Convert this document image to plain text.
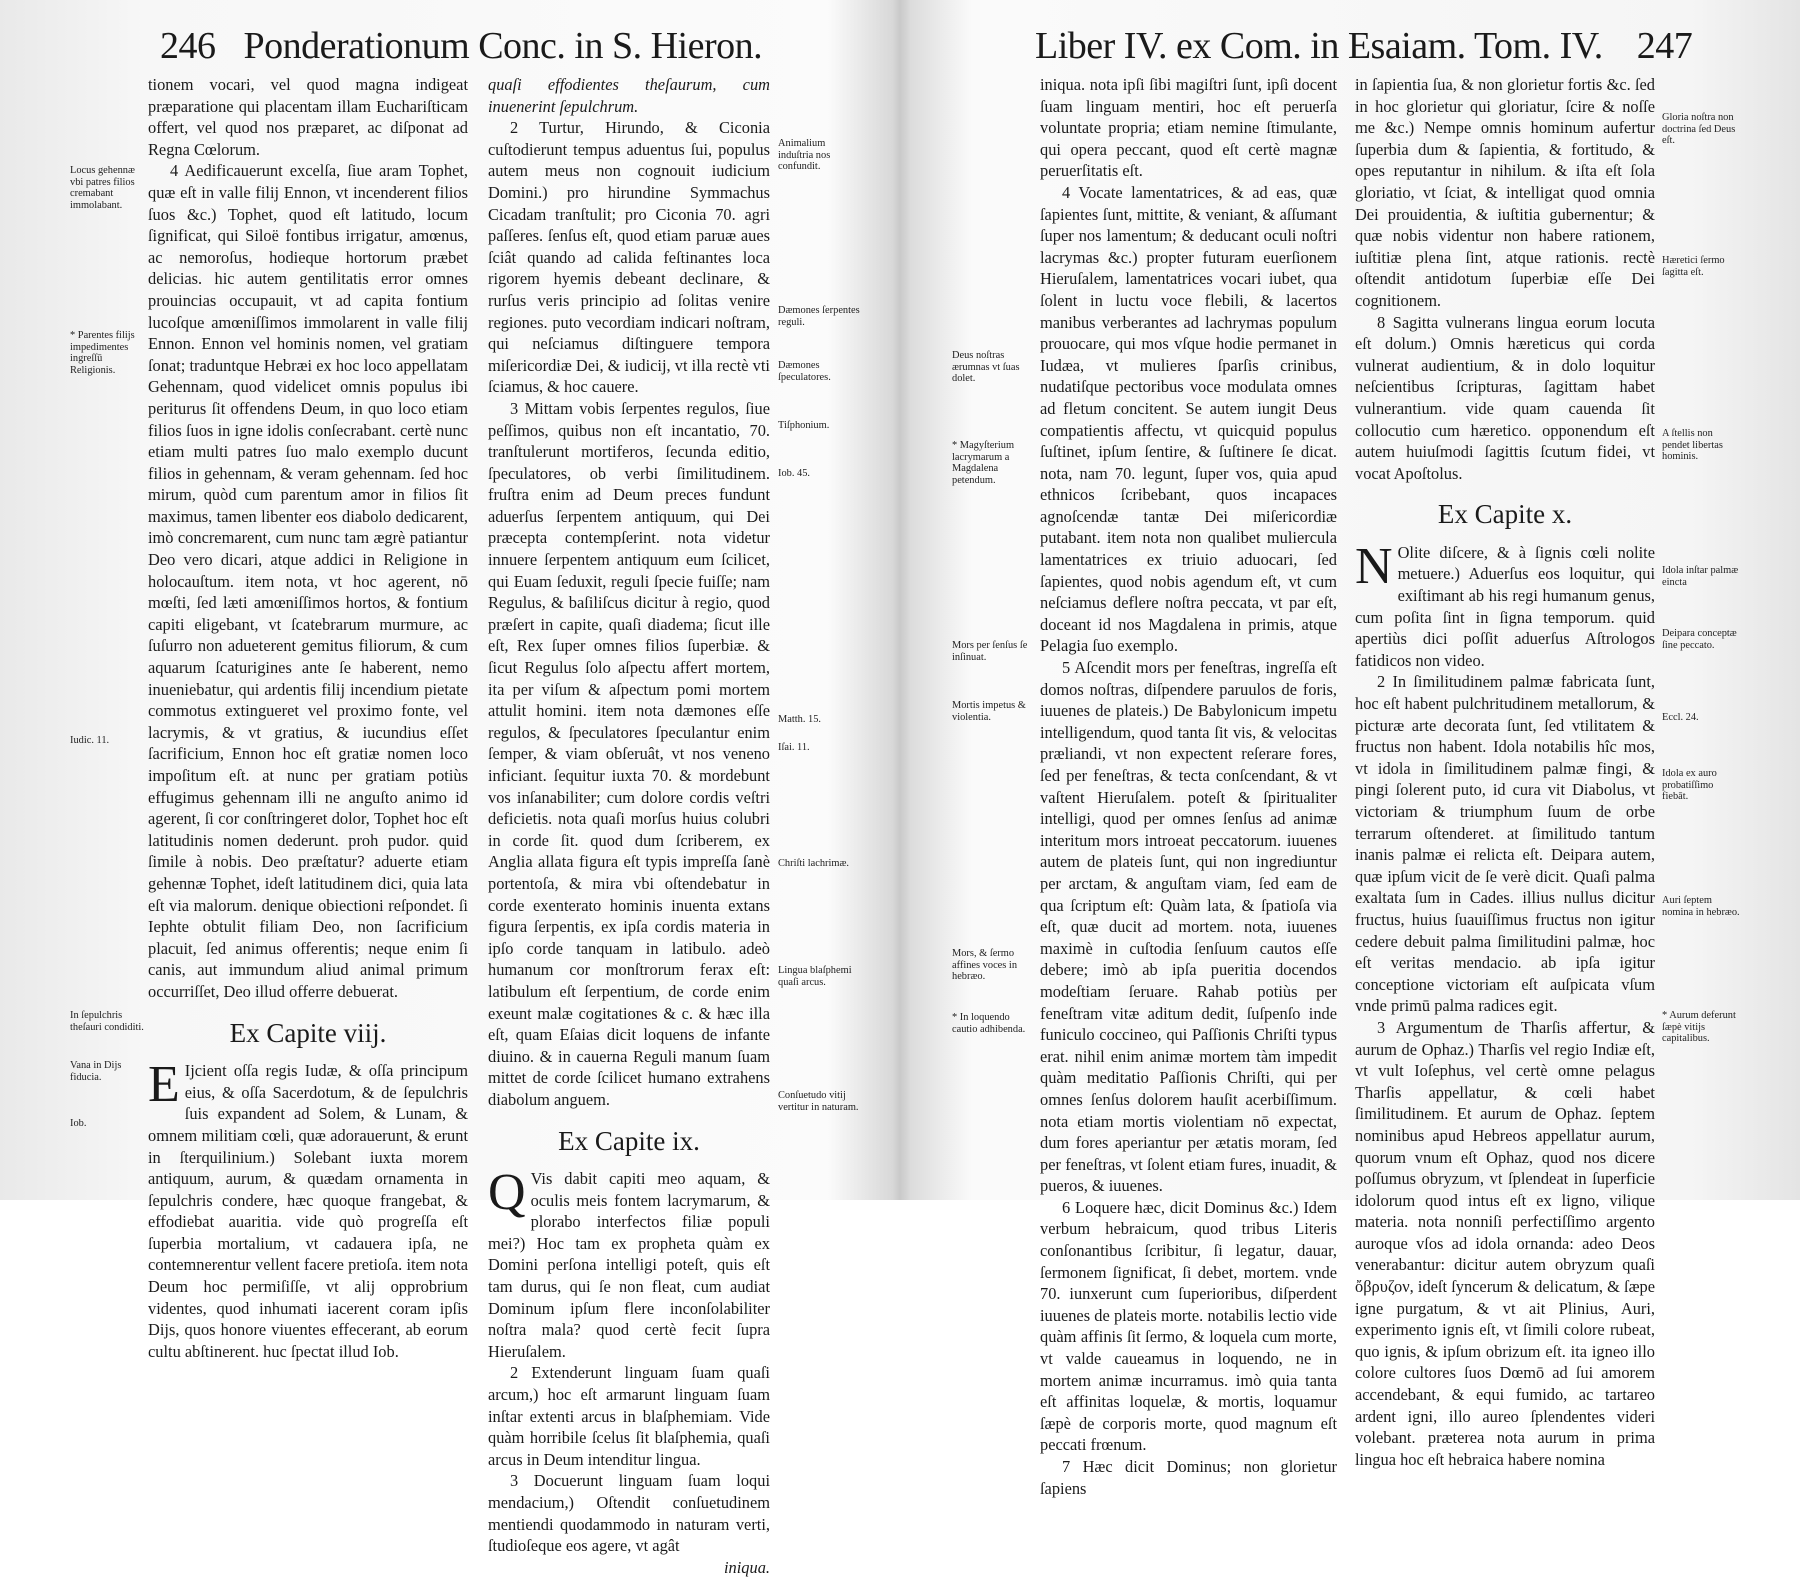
246 Ponderationum Conc. in S. Hieron.

tionem vocari, vel quod magna indigeat præparatione qui placentam illam Euchariſticam offert, vel quod nos præparet, ac diſponat ad Regna Cœlorum.

4 Aedificauerunt excelſa, ſiue aram Tophet, quæ eſt in valle filij Ennon, vt incenderent filios ſuos &c.) Tophet, quod eſt latitudo, locum ſignificat, qui Siloë fontibus irrigatur, amœnus, ac nemoroſus, hodieque hortorum præbet delicias. hic autem gentilitatis error omnes prouincias occupauit, vt ad capita fontium lucoſque amœniſſimos immolarent in valle filij Ennon. Ennon vel hominis nomen, vel gratiam ſonat; traduntque Hebræi ex hoc loco appellatam Gehennam, quod videlicet omnis populus ibi periturus ſit offendens Deum, in quo loco etiam filios ſuos in igne idolis conſecrabant. certè nunc etiam multi patres ſuo malo exemplo ducunt filios in gehennam, & veram gehennam. ſed hoc mirum, quòd cum parentum amor in filios ſit maximus, tamen libenter eos diabolo dedicarent, imò concremarent, cum nunc tam ægrè patiantur Deo vero dicari, atque addici in Religione in holocauſtum. item nota, vt hoc agerent, nō mœſti, ſed læti amœniſſimos hortos, & fontium capiti eligebant, vt ſcatebrarum murmure, ac ſuſurro non adueterent gemitus filiorum, & cum aquarum ſcaturigines ante ſe haberent, nemo inueniebatur, qui ardentis filij incendium pietate commotus extingueret vel proximo fonte, vel lacrymis, & vt gratius, & iucundius eſſet ſacrificium, Ennon hoc eſt gratiæ nomen loco impoſitum eſt. at nunc per gratiam potiùs effugimus gehennam illi ne anguſto animo id agerent, ſi cor conſtringeret dolor, Tophet hoc eſt latitudinis nomen dederunt. proh pudor. quid ſimile à nobis. Deo præſtatur? aduerte etiam gehennæ Tophet, ideſt latitudinem dici, quia lata eſt via malorum. denique obiectioni reſpondet. ſi Iephte obtulit filiam Deo, non ſacrificium placuit, ſed animus offerentis; neque enim ſi canis, aut immundum aliud animal primum occurriſſet, Deo illud offerre debuerat.

Ex Capite viij.

E Ijcient oſſa regis Iudæ, & oſſa principum eius, & oſſa Sacerdotum, & de ſepulchris ſuis expandent ad Solem, & Lunam, & omnem militiam cœli, quæ adorauerunt, & erunt in ſterquilinium.) Solebant iuxta morem antiquum, aurum, & quædam ornamenta in ſepulchris condere, hæc quoque frangebat, & effodiebat auaritia. vide quò progreſſa eſt ſuperbia mortalium, vt cadauera ipſa, ne contemnerentur vellent facere pretioſa. item nota Deum hoc permiſiſſe, vt alij opprobrium videntes, quod inhumati iacerent coram ipſis Dijs, quos honore viuentes effecerant, ab eorum cultu abſtinerent. huc ſpectat illud Iob.

quaſi effodientes theſaurum, cum inuenerint ſepulchrum.

2 Turtur, Hirundo, & Ciconia cuſtodierunt tempus aduentus ſui, populus autem meus non cognouit iudicium Domini.) pro hirundine Symmachus Cicadam tranſtulit; pro Ciconia 70. agri paſſeres. ſenſus eſt, quod etiam paruæ aues ſciât quando ad calida feſtinantes loca rigorem hyemis debeant declinare, & rurſus veris principio ad ſolitas venire regiones. puto vecordiam indicari noſtram, qui neſciamus diſtinguere tempora miſericordiæ Dei, & iudicij, vt illa rectè vti ſciamus, & hoc cauere.

3 Mittam vobis ſerpentes regulos, ſiue peſſimos, quibus non eſt incantatio, 70. tranſtulerunt mortiferos, ſecunda editio, ſpeculatores, ob verbi ſimilitudinem. fruſtra enim ad Deum preces fundunt aduerſus ſerpentem antiquum, qui Dei præcepta contempſerint. nota videtur innuere ſerpentem antiquum eum ſcilicet, qui Euam ſeduxit, reguli ſpecie fuiſſe; nam Regulus, & baſiliſcus dicitur à regio, quod præſert in capite, quaſi diadema; ſicut ille eſt, Rex ſuper omnes filios ſuperbiæ. & ſicut Regulus ſolo aſpectu affert mortem, ita per viſum & aſpectum pomi mortem attulit homini. item nota dæmones eſſe regulos, & ſpeculatores ſpeculantur enim ſemper, & viam obſeruât, vt nos veneno inficiant. ſequitur iuxta 70. & mordebunt vos inſanabiliter; cum dolore cordis veſtri deficietis. nota quaſi morſus huius colubri in corde ſit. quod dum ſcriberem, ex Anglia allata figura eſt typis impreſſa ſanè portentoſa, & mira vbi oſtendebatur in corde exenterato hominis inuenta extans figura ſerpentis, ex ipſa cordis materia in ipſo corde tanquam in latibulo. adeò humanum cor monſtrorum ferax eſt: latibulum eſt ſerpentium, de corde enim exeunt malæ cogitationes & c. & hæc illa eſt, quam Eſaias dicit loquens de infante diuino. & in cauerna Reguli manum ſuam mittet de corde ſcilicet humano extrahens diabolum anguem.

Ex Capite ix.

Q Vis dabit capiti meo aquam, & oculis meis fontem lacrymarum, & plorabo interfectos filiæ populi mei?) Hoc tam ex propheta quàm ex Domini perſona intelligi poteſt, quis eſt tam durus, qui ſe non fleat, cum audiat Dominum ipſum flere inconſolabiliter noſtra mala? quod certè fecit ſupra Hieruſalem.

2 Extenderunt linguam ſuam quaſi arcum,) hoc eſt armarunt linguam ſuam inſtar extenti arcus in blaſphemiam. Vide quàm horribile ſcelus ſit blaſphemia, quaſi arcus in Deum intenditur lingua.

3 Docuerunt linguam ſuam loqui mendacium,) Oſtendit conſuetudinem mentiendi quodammodo in naturam verti, ſtudioſeque eos agere, vt agât

iniqua.
Locus gehennæ vbi patres filios cremabant immolabant.
* Parentes filijs impedimentes ingreſſū Religionis.
Iudic. 11.
In ſepulchris theſauri condiditi.
Vana in Dijs fiducia.
Iob.
Animalium induſtria nos confundit.
Dæmones ſerpentes reguli.
Dæmones ſpeculatores.
Tiſphonium.
Iob. 45.
Matth. 15.
Iſai. 11.
Chriſti lachrimæ.
Lingua blaſphemi quaſi arcus.
Conſuetudo vitij vertitur in naturam.
Liber IV. ex Com. in Esaiam. Tom. IV. 247

iniqua. nota ipſi ſibi magiſtri ſunt, ipſi docent ſuam linguam mentiri, hoc eſt peruerſa voluntate propria; etiam nemine ſtimulante, qui opera peccant, quod eſt certè magnæ peruerſitatis eſt.

4 Vocate lamentatrices, & ad eas, quæ ſapientes ſunt, mittite, & veniant, & aſſumant ſuper nos lamentum; & deducant oculi noſtri lacrymas &c.) propter futuram euerſionem Hieruſalem, lamentatrices vocari iubet, qua ſolent in luctu voce flebili, & lacertos manibus verberantes ad lachrymas populum prouocare, qui mos vſque hodie permanet in Iudæa, vt mulieres ſparſis crinibus, nudatiſque pectoribus voce modulata omnes ad fletum concitent. Se autem iungit Deus compatientis affectu, vt quicquid populus ſuſtinet, ipſum ſentire, & ſuſtinere ſe dicat. nota, nam 70. legunt, ſuper vos, quia apud ethnicos ſcribebant, quos incapaces agnoſcendæ tantæ Dei miſericordiæ putabant. item nota non qualibet muliercula lamentatrices ex triuio aduocari, ſed ſapientes, quod nobis agendum eſt, vt cum neſciamus deflere noſtra peccata, vt par eſt, doceant id nos Magdalena in primis, atque Pelagia ſuo exemplo.

5 Aſcendit mors per feneſtras, ingreſſa eſt domos noſtras, diſpendere paruulos de foris, iuuenes de plateis.) De Babylonicum impetu intelligendum, quod tanta ſit vis, & velocitas præliandi, vt non expectent reſerare fores, ſed per feneſtras, & tecta conſcendant, & vt vaſtent Hieruſalem. poteſt & ſpiritualiter intelligi, quod per omnes ſenſus ad animæ interitum mors introeat peccatorum. iuuenes autem de plateis ſunt, qui non ingrediuntur per arctam, & anguſtam viam, ſed eam de qua ſcriptum eſt: Quàm lata, & ſpatioſa via eſt, quæ ducit ad mortem. nota, iuuenes maximè in cuſtodia ſenſuum cautos eſſe debere; imò ab ipſa pueritia docendos modeſtiam ſeruare. Rahab potiùs per feneſtram vitæ aditum dedit, ſuſpenſo inde funiculo coccineo, qui Paſſionis Chriſti typus erat. nihil enim animæ mortem tàm impedit quàm meditatio Paſſionis Chriſti, qui per omnes ſenſus dolorem hauſit acerbiſſimum. nota etiam mortis violentiam nō expectat, dum fores aperiantur per ætatis moram, ſed per feneſtras, vt ſolent etiam fures, inuadit, & pueros, & iuuenes.

6 Loquere hæc, dicit Dominus &c.) Idem verbum hebraicum, quod tribus Literis conſonantibus ſcribitur, ſi legatur, dauar, ſermonem ſignificat, ſi debet, mortem. vnde 70. iunxerunt cum ſuperioribus, diſperdent iuuenes de plateis morte. notabilis lectio vide quàm affinis ſit ſermo, & loquela cum morte, vt valde caueamus in loquendo, ne in mortem animæ incurramus. imò quia tanta eſt affinitas loquelæ, & mortis, loquamur ſæpè de corporis morte, quod magnum eſt peccati frœnum.

7 Hæc dicit Dominus; non glorietur ſapiens

in ſapientia ſua, & non glorietur fortis &c. ſed in hoc glorietur qui gloriatur, ſcire & noſſe me &c.) Nempe omnis hominum aufertur ſuperbia dum & ſapientia, & fortitudo, & opes reputantur in nihilum. & iſta eſt ſola gloriatio, vt ſciat, & intelligat quod omnia Dei prouidentia, & iuſtitia gubernentur; & quæ nobis videntur non habere rationem, iuſtitiæ plena ſint, atque rationis. rectè oſtendit antidotum ſuperbiæ eſſe Dei cognitionem.

8 Sagitta vulnerans lingua eorum locuta eſt dolum.) Omnis hæreticus qui corda vulnerat audientium, & in dolo loquitur neſcientibus ſcripturas, ſagittam habet vulnerantium. vide quam cauenda ſit collocutio cum hæretico. opponendum eſt autem huiuſmodi ſagittis ſcutum fidei, vt vocat Apoſtolus.

Ex Capite x.

N Olite diſcere, & à ſignis cœli nolite metuere.) Aduerſus eos loquitur, qui exiſtimant ab his regi humanum genus, cum poſita ſint in ſigna temporum. quid apertiùs dici poſſit aduerſus Aſtrologos fatidicos non video.

2 In ſimilitudinem palmæ fabricata ſunt, hoc eſt habent pulchritudinem metallorum, & picturæ arte decorata ſunt, ſed vtilitatem & fructus non habent. Idola notabilis hîc mos, vt idola in ſimilitudinem palmæ fingi, & pingi ſolerent puto, id cura vit Diabolus, vt victoriam & triumphum ſuum de orbe terrarum oſtenderet. at ſimilitudo tantum inanis palmæ ei relicta eſt. Deipara autem, quæ ipſum vicit de ſe verè dicit. Quaſi palma exaltata ſum in Cades. illius nullus dicitur fructus, huius ſuauiſſimus fructus non igitur cedere debuit palma ſimilitudini palmæ, hoc eſt veritas mendacio. ab ipſa igitur conceptione victoriam eſt auſpicata vſum vnde primū palma radices egit.

3 Argumentum de Tharſis affertur, & aurum de Ophaz.) Tharſis vel regio Indiæ eſt, vt vult Ioſephus, vel certè omne pelagus Tharſis appellatur, & cœli habet ſimilitudinem. Et aurum de Ophaz. ſeptem nominibus apud Hebreos appellatur aurum, quorum vnum eſt Ophaz, quod nos dicere poſſumus obryzum, vt ſplendeat in ſuperficie idolorum quod intus eſt ex ligno, vilique materia. nota nonniſi perfectiſſimo argento auroque vſos ad idola ornanda: adeo Deos venerabantur: dicitur autem obryzum quaſi ὄβρυζον, ideſt ſyncerum & delicatum, & ſæpe igne purgatum, & vt ait Plinius, Auri, experimento ignis eſt, vt ſimili colore rubeat, quo ignis, & ipſum obrizum eſt. ita igneo illo colore cultores ſuos Dœmō ad ſui amorem accendebant, & equi fumido, ac tartareo ardent igni, illo aureo ſplendentes videri volebant. præterea nota aurum in prima lingua hoc eſt hebraica habere nomina

Deus noſtras ærumnas vt ſuas dolet.
* Magyſterium lacrymarum a Magdalena petendum.
Mors per ſenſus ſe inſinuat.
Mortis impetus & violentia.
Mors, & ſermo affines voces in hebræo.
* In loquendo cautio adhibenda.
Gloria noſtra non doctrina ſed Deus eſt.
Hæretici ſermo ſagitta eſt.
A ſtellis non pendet libertas hominis.
Idola inſtar palmæ eincta
Deipara conceptæ ſine peccato.
Eccl. 24.
Idola ex auro probatiſſimo fiebāt.
Auri ſeptem nomina in hebræo.
* Aurum deferunt ſæpè vitijs capitalibus.
